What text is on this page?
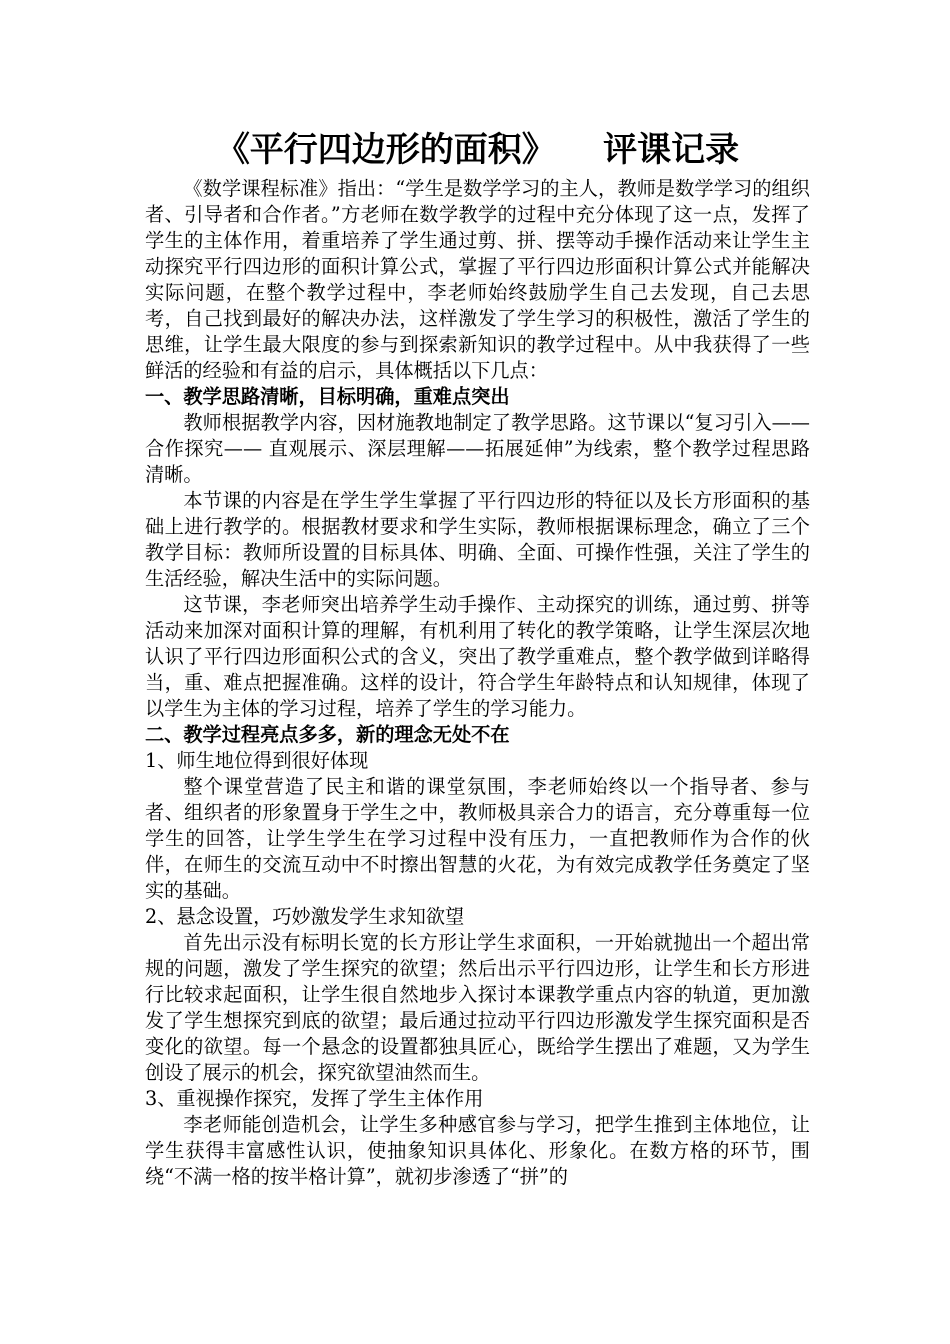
《平行四边形的面积》    评课记录

《数学课程标准》指出：“学生是数学学习的主人，教师是数学学习的组织者、引导者和合作者。”方老师在数学教学的过程中充分体现了这一点，发挥了学生的主体作用，着重培养了学生通过剪、拼、摆等动手操作活动来让学生主动探究平行四边形的面积计算公式，掌握了平行四边形面积计算公式并能解决实际问题，在整个教学过程中，李老师始终鼓励学生自己去发现，自己去思考，自己找到最好的解决办法，这样激发了学生学习的积极性，激活了学生的思维，让学生最大限度的参与到探索新知识的教学过程中。从中我获得了一些鲜活的经验和有益的启示，具体概括以下几点：

一、教学思路清晰，目标明确，重难点突出

教师根据教学内容，因材施教地制定了教学思路。这节课以“复习引入——合作探究—— 直观展示、深层理解——拓展延伸”为线索，整个教学过程思路清晰。

本节课的内容是在学生学生掌握了平行四边形的特征以及长方形面积的基础上进行教学的。根据教材要求和学生实际，教师根据课标理念，确立了三个教学目标：教师所设置的目标具体、明确、全面、可操作性强，关注了学生的生活经验，解决生活中的实际问题。

这节课，李老师突出培养学生动手操作、主动探究的训练，通过剪、拼等活动来加深对面积计算的理解，有机利用了转化的教学策略，让学生深层次地认识了平行四边形面积公式的含义，突出了教学重难点，整个教学做到详略得当，重、难点把握准确。这样的设计，符合学生年龄特点和认知规律，体现了以学生为主体的学习过程，培养了学生的学习能力。

二、教学过程亮点多多，新的理念无处不在

1、师生地位得到很好体现

整个课堂营造了民主和谐的课堂氛围，李老师始终以一个指导者、参与者、组织者的形象置身于学生之中，教师极具亲合力的语言，充分尊重每一位学生的回答，让学生学生在学习过程中没有压力，一直把教师作为合作的伙伴，在师生的交流互动中不时擦出智慧的火花，为有效完成教学任务奠定了坚实的基础。

2、悬念设置，巧妙激发学生求知欲望

首先出示没有标明长宽的长方形让学生求面积，一开始就抛出一个超出常规的问题，激发了学生探究的欲望；然后出示平行四边形，让学生和长方形进行比较求起面积，让学生很自然地步入探讨本课教学重点内容的轨道，更加激发了学生想探究到底的欲望；最后通过拉动平行四边形激发学生探究面积是否变化的欲望。每一个悬念的设置都独具匠心，既给学生摆出了难题，又为学生创设了展示的机会，探究欲望油然而生。

3、重视操作探究，发挥了学生主体作用

李老师能创造机会，让学生多种感官参与学习，把学生推到主体地位，让学生获得丰富感性认识，使抽象知识具体化、形象化。在数方格的环节，围绕“不满一格的按半格计算”，就初步渗透了“拼”的
